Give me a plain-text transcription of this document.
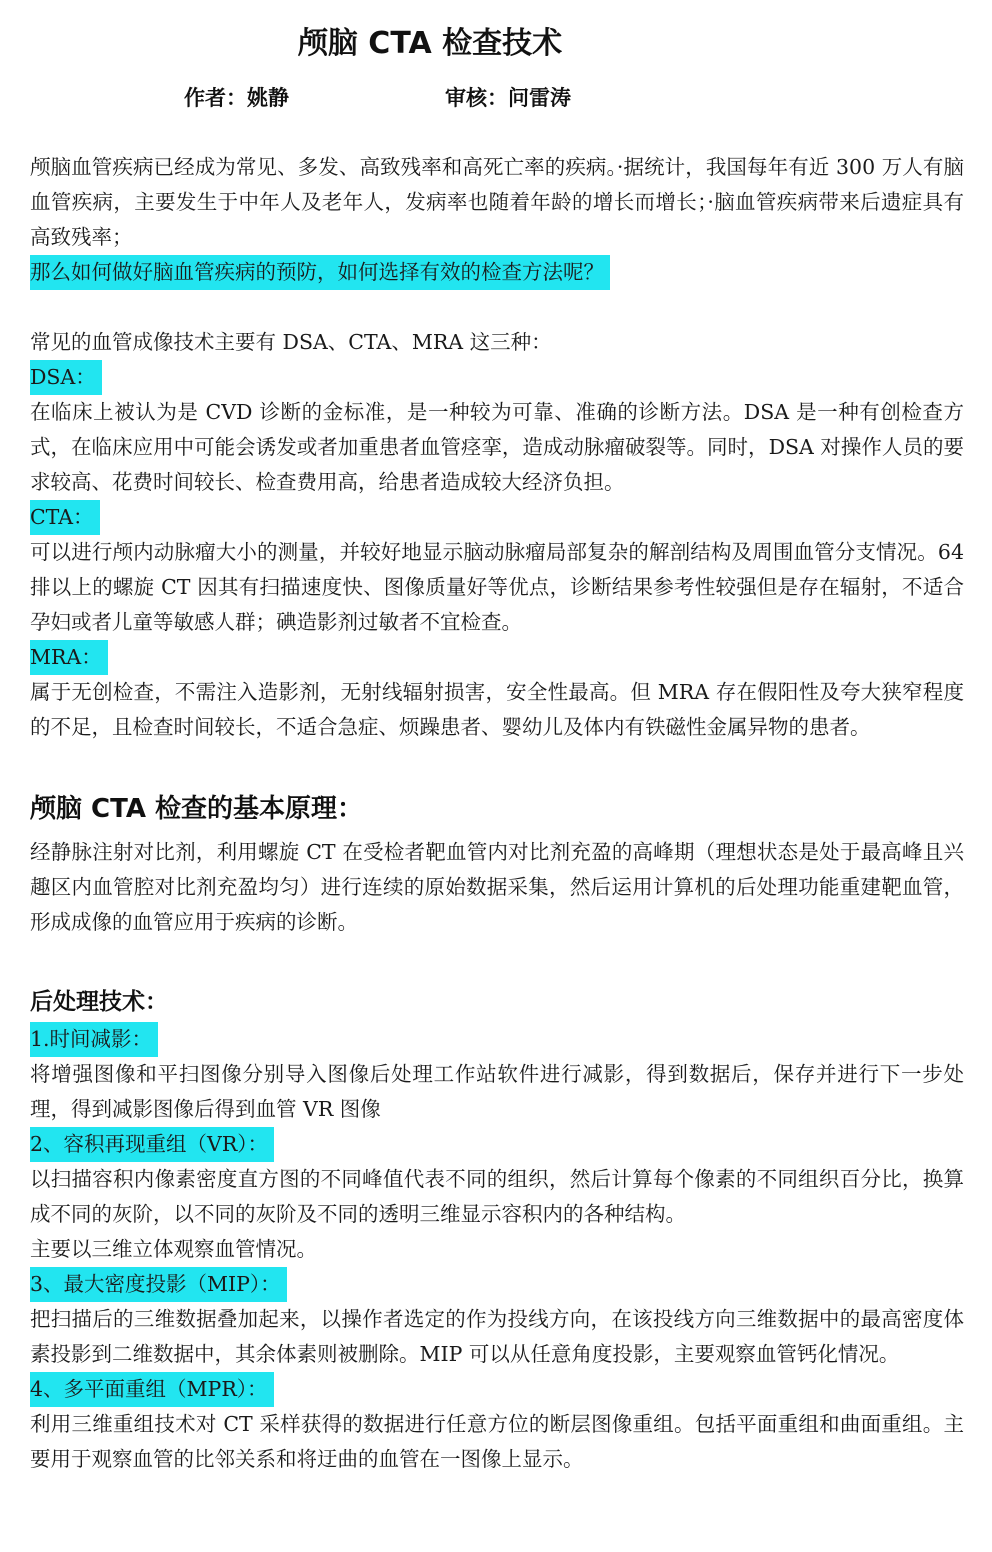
颅脑 CTA 检查技术
作者：姚静	审核：问雷涛

颅脑血管疾病已经成为常见、多发、高致残率和高死亡率的疾病。·据统计，我国每年有近 300 万人有脑血管疾病，主要发生于中年人及老年人，发病率也随着年龄的增长而增长；·脑血管疾病带来后遗症具有高致残率；

那么如何做好脑血管疾病的预防，如何选择有效的检查方法呢？

常见的血管成像技术主要有 DSA、CTA、MRA 这三种：

DSA：

在临床上被认为是 CVD 诊断的金标准，是一种较为可靠、准确的诊断方法。DSA 是一种有创检查方式，在临床应用中可能会诱发或者加重患者血管痉挛，造成动脉瘤破裂等。同时，DSA 对操作人员的要求较高、花费时间较长、检查费用高，给患者造成较大经济负担。

CTA：

可以进行颅内动脉瘤大小的测量，并较好地显示脑动脉瘤局部复杂的解剖结构及周围血管分支情况。64 排以上的螺旋 CT 因其有扫描速度快、图像质量好等优点，诊断结果参考性较强但是存在辐射，不适合孕妇或者儿童等敏感人群；碘造影剂过敏者不宜检查。

MRA：

属于无创检查，不需注入造影剂，无射线辐射损害，安全性最高。但 MRA 存在假阳性及夸大狭窄程度的不足，且检查时间较长，不适合急症、烦躁患者、婴幼儿及体内有铁磁性金属异物的患者。

颅脑 CTA 检查的基本原理：

经静脉注射对比剂，利用螺旋 CT 在受检者靶血管内对比剂充盈的高峰期（理想状态是处于最高峰且兴趣区内血管腔对比剂充盈均匀）进行连续的原始数据采集，然后运用计算机的后处理功能重建靶血管，形成成像的血管应用于疾病的诊断。

后处理技术：
1.时间减影：

将增强图像和平扫图像分别导入图像后处理工作站软件进行减影，得到数据后，保存并进行下一步处理，得到减影图像后得到血管 VR 图像

2、容积再现重组（VR）：

以扫描容积内像素密度直方图的不同峰值代表不同的组织，然后计算每个像素的不同组织百分比，换算成不同的灰阶，以不同的灰阶及不同的透明三维显示容积内的各种结构。

主要以三维立体观察血管情况。

3、最大密度投影（MIP）：

把扫描后的三维数据叠加起来，以操作者选定的作为投线方向，在该投线方向三维数据中的最高密度体素投影到二维数据中，其余体素则被删除。MIP 可以从任意角度投影，主要观察血管钙化情况。

4、多平面重组（MPR）：

利用三维重组技术对 CT 采样获得的数据进行任意方位的断层图像重组。包括平面重组和曲面重组。主要用于观察血管的比邻关系和将迂曲的血管在一图像上显示。
